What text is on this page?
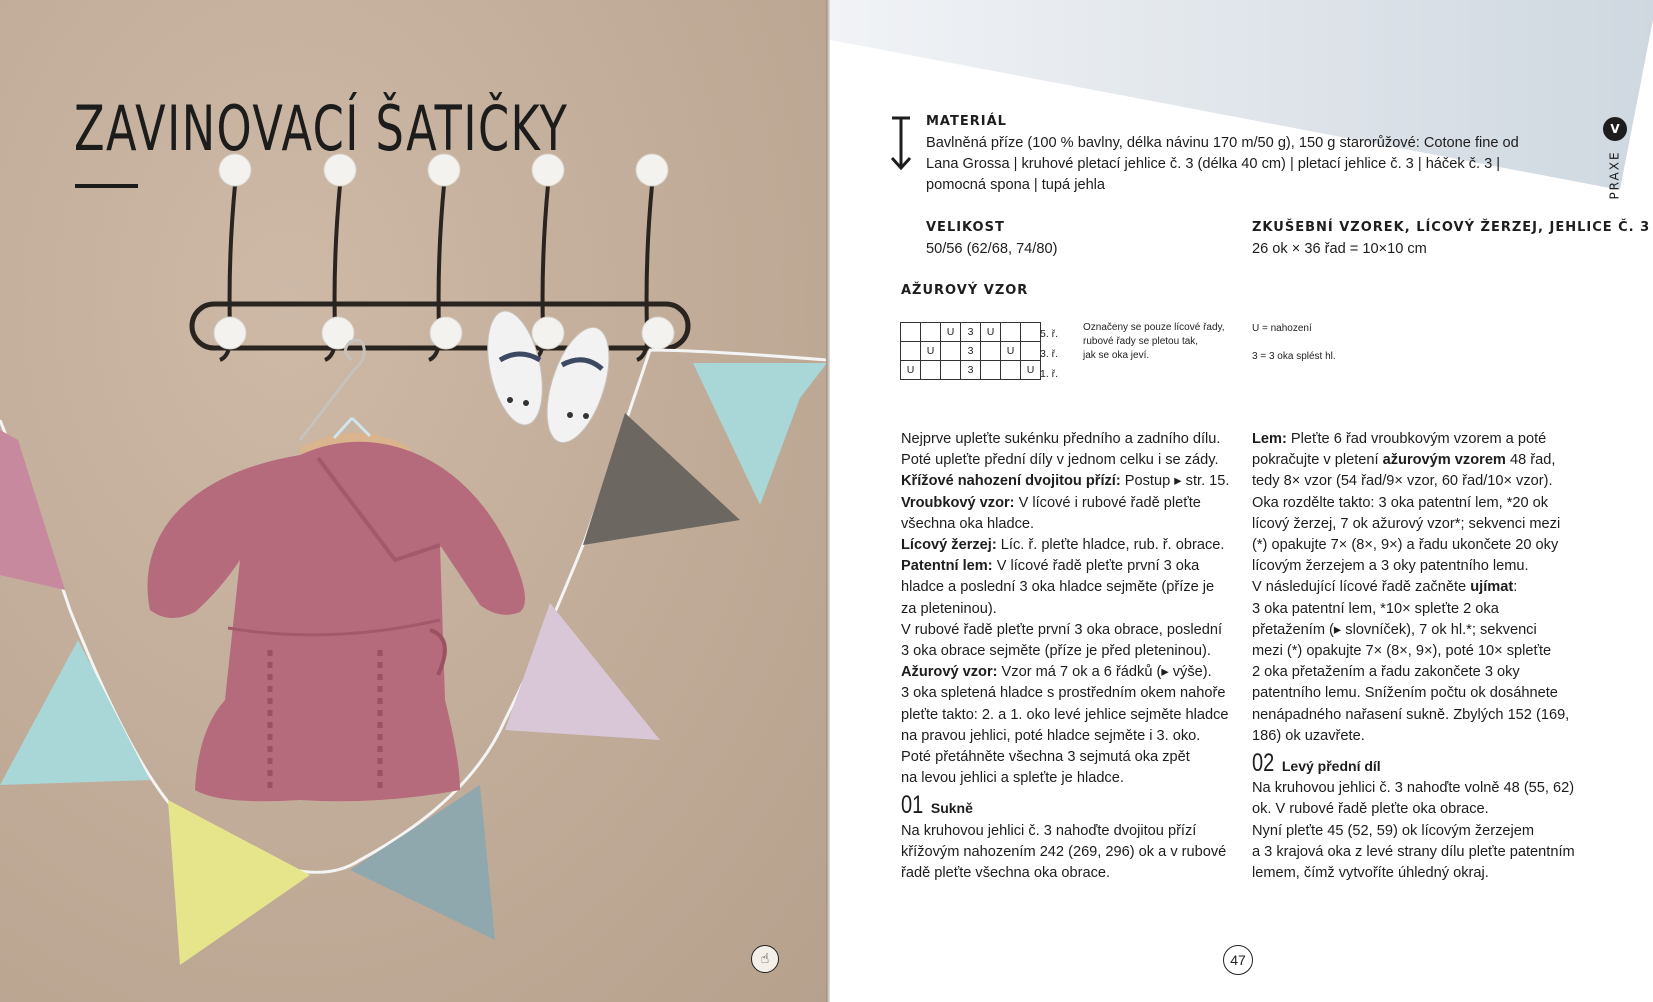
ZAVINOVACÍ ŠATIČKY
☝
MATERIÁL
Bavlněná příze (100 % bavlny, délka návinu 170 m/50 g), 150 g starorůžové: Cotone fine od
Lana Grossa | kruhové pletací jehlice č. 3 (délka 40 cm) | pletací jehlice č. 3 | háček č. 3 |
pomocná spona | tupá jehla
V
PRAXE
VELIKOST
50/56 (62/68, 74/80)
ZKUŠEBNÍ VZOREK, LÍCOVÝ ŽERZEJ, JEHLICE Č. 3
26 ok × 36 řad = 10×10 cm
AŽUROVÝ VZOR
		U	3	U		
	U		3		U	
U			3			U
5. ř.
3. ř.
1. ř.
Označeny se pouze lícové řady,
rubové řady se pletou tak,
jak se oka jeví.
U = nahození
3 = 3 oka splést hl.
Nejprve upleťte sukénku předního a zadního dílu.
Poté upleťte přední díly v jednom celku i se zády.
Křížové nahození dvojitou přízí: Postup ▸ str. 15.
Vroubkový vzor: V lícové i rubové řadě pleťte
všechna oka hladce.
Lícový žerzej: Líc. ř. pleťte hladce, rub. ř. obrace.
Patentní lem: V lícové řadě pleťte první 3 oka
hladce a poslední 3 oka hladce sejměte (příze je
za pleteninou).
V rubové řadě pleťte první 3 oka obrace, poslední
3 oka obrace sejměte (příze je před pleteninou).
Ažurový vzor: Vzor má 7 ok a 6 řádků (▸ výše).
3 oka spletená hladce s prostředním okem nahoře
pleťte takto: 2. a 1. oko levé jehlice sejměte hladce
na pravou jehlici, poté hladce sejměte i 3. oko.
Poté přetáhněte všechna 3 sejmutá oka zpět
na levou jehlici a spleťte je hladce.
01 Sukně
Na kruhovou jehlici č. 3 nahoďte dvojitou přízí
křížovým nahozením 242 (269, 296) ok a v rubové
řadě pleťte všechna oka obrace.
Lem: Pleťte 6 řad vroubkovým vzorem a poté
pokračujte v pletení ažurovým vzorem 48 řad,
tedy 8× vzor (54 řad/9× vzor, 60 řad/10× vzor).
Oka rozdělte takto: 3 oka patentní lem, *20 ok
lícový žerzej, 7 ok ažurový vzor*; sekvenci mezi
(*) opakujte 7× (8×, 9×) a řadu ukončete 20 oky
lícovým žerzejem a 3 oky patentního lemu.
V následující lícové řadě začněte ujímat:
3 oka patentní lem, *10× spleťte 2 oka
přetažením (▸ slovníček), 7 ok hl.*; sekvenci
mezi (*) opakujte 7× (8×, 9×), poté 10× spleťte
2 oka přetažením a řadu zakončete 3 oky
patentního lemu. Snížením počtu ok dosáhnete
nenápadného nařasení sukně. Zbylých 152 (169,
186) ok uzavřete.
02 Levý přední díl
Na kruhovou jehlici č. 3 nahoďte volně 48 (55, 62)
ok. V rubové řadě pleťte oka obrace.
Nyní pleťte 45 (52, 59) ok lícovým žerzejem
a 3 krajová oka z levé strany dílu pleťte patentním
lemem, čímž vytvoříte úhledný okraj.
47
